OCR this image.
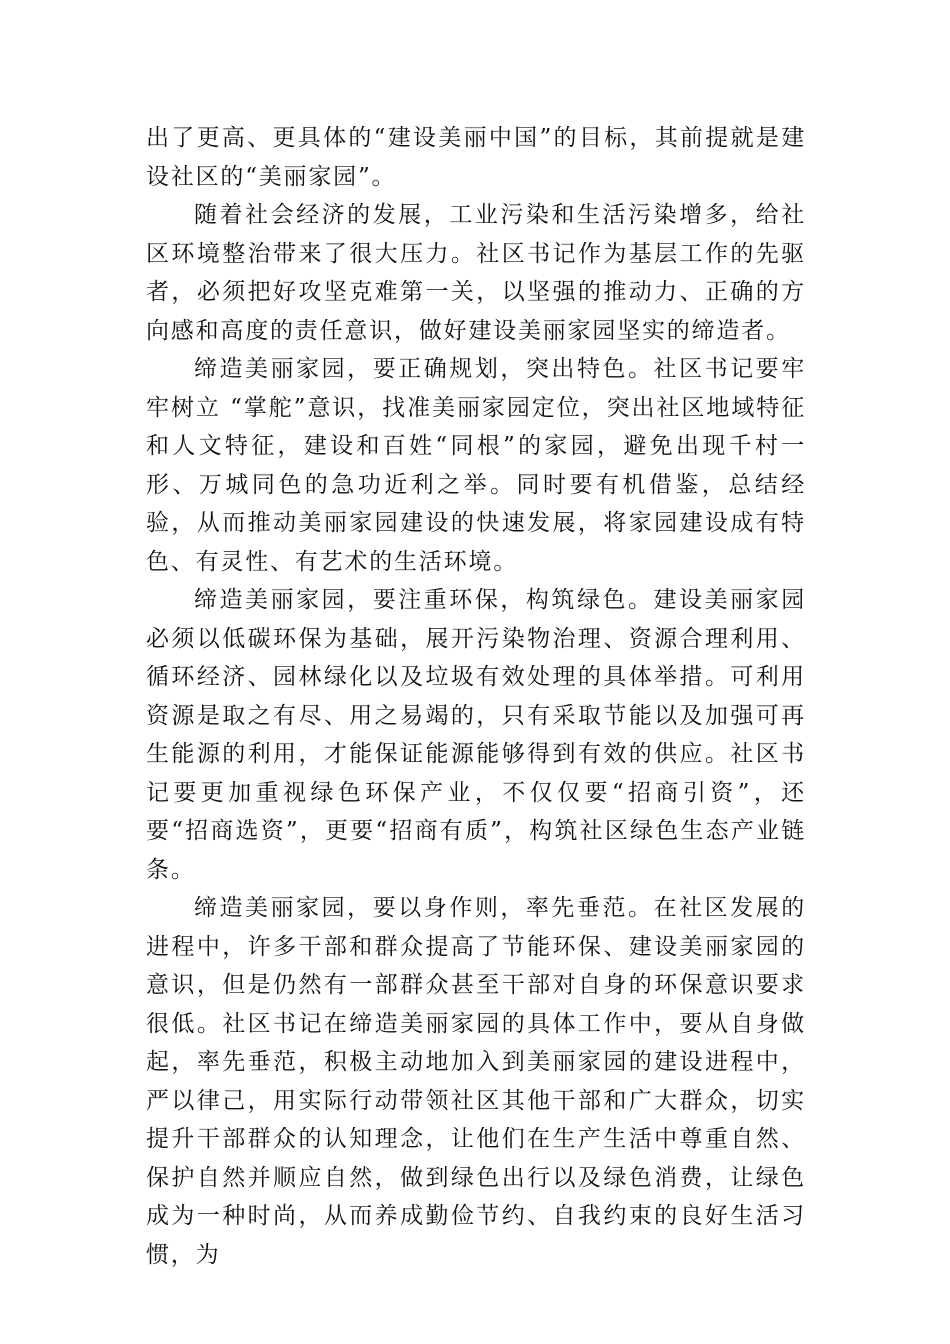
出了更高、更具体的“建设美丽中国”的目标，其前提就是建设社区的“美丽家园”。

随着社会经济的发展，工业污染和生活污染增多，给社区环境整治带来了很大压力。社区书记作为基层工作的先驱者，必须把好攻坚克难第一关，以坚强的推动力、正确的方向感和高度的责任意识，做好建设美丽家园坚实的缔造者。

缔造美丽家园，要正确规划，突出特色。社区书记要牢牢树立 “掌舵”意识，找准美丽家园定位，突出社区地域特征和人文特征，建设和百姓“同根”的家园，避免出现千村一形、万城同色的急功近利之举。同时要有机借鉴，总结经验，从而推动美丽家园建设的快速发展，将家园建设成有特色、有灵性、有艺术的生活环境。

缔造美丽家园，要注重环保，构筑绿色。建设美丽家园必须以低碳环保为基础，展开污染物治理、资源合理利用、循环经济、园林绿化以及垃圾有效处理的具体举措。可利用资源是取之有尽、用之易竭的，只有采取节能以及加强可再生能源的利用，才能保证能源能够得到有效的供应。社区书记要更加重视绿色环保产业，不仅仅要“招商引资”，还要“招商选资”，更要“招商有质”，构筑社区绿色生态产业链条。

缔造美丽家园，要以身作则，率先垂范。在社区发展的进程中，许多干部和群众提高了节能环保、建设美丽家园的意识，但是仍然有一部群众甚至干部对自身的环保意识要求很低。社区书记在缔造美丽家园的具体工作中，要从自身做起，率先垂范，积极主动地加入到美丽家园的建设进程中，严以律己，用实际行动带领社区其他干部和广大群众，切实提升干部群众的认知理念，让他们在生产生活中尊重自然、保护自然并顺应自然，做到绿色出行以及绿色消费，让绿色成为一种时尚，从而养成勤俭节约、自我约束的良好生活习惯，为
